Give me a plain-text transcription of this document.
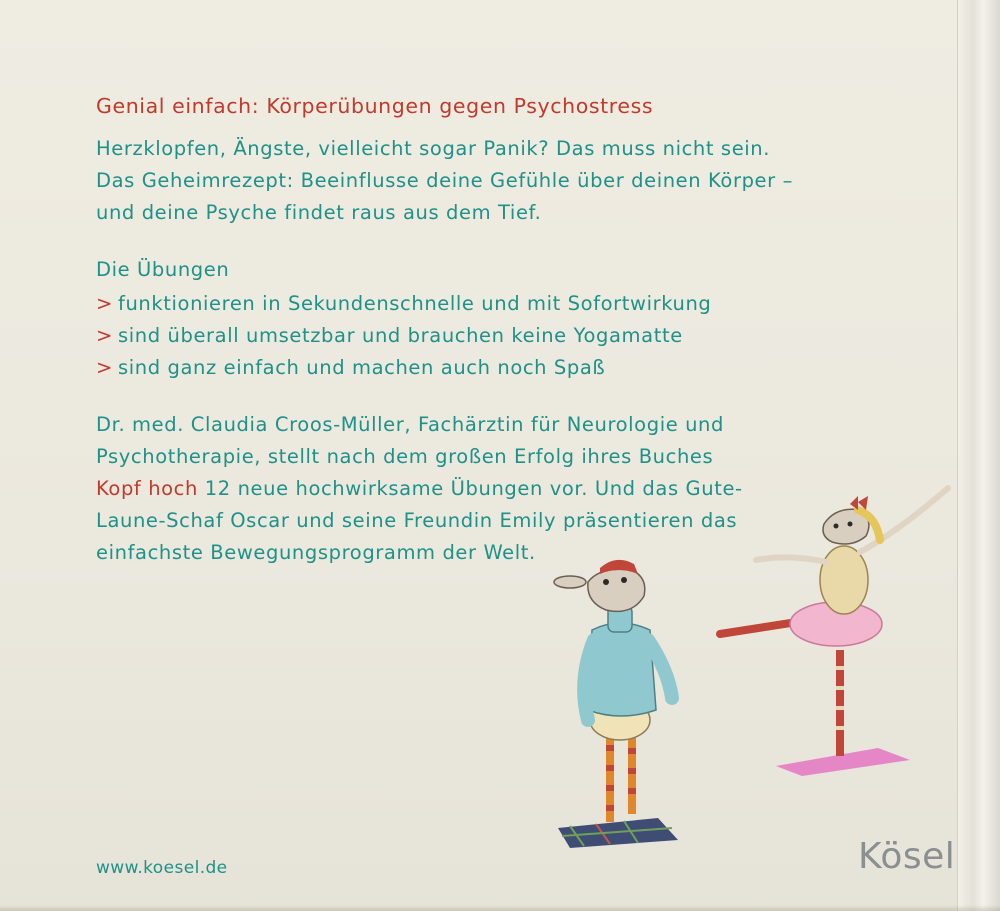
Genial einfach: Körperübungen gegen Psychostress
Herzklopfen, Ängste, vielleicht sogar Panik? Das muss nicht sein.
Das Geheimrezept: Beeinflusse deine Gefühle über deinen Körper –
und deine Psyche findet raus aus dem Tief.
Die Übungen
> funktionieren in Sekundenschnelle und mit Sofortwirkung
> sind überall umsetzbar und brauchen keine Yogamatte
> sind ganz einfach und machen auch noch Spaß
Dr. med. Claudia Croos-Müller, Fachärztin für Neurologie und
Psychotherapie, stellt nach dem großen Erfolg ihres Buches
Kopf hoch 12 neue hochwirksame Übungen vor. Und das Gute-
Laune-Schaf Oscar und seine Freundin Emily präsentieren das
einfachste Bewegungsprogramm der Welt.
www.koesel.de	Kösel
